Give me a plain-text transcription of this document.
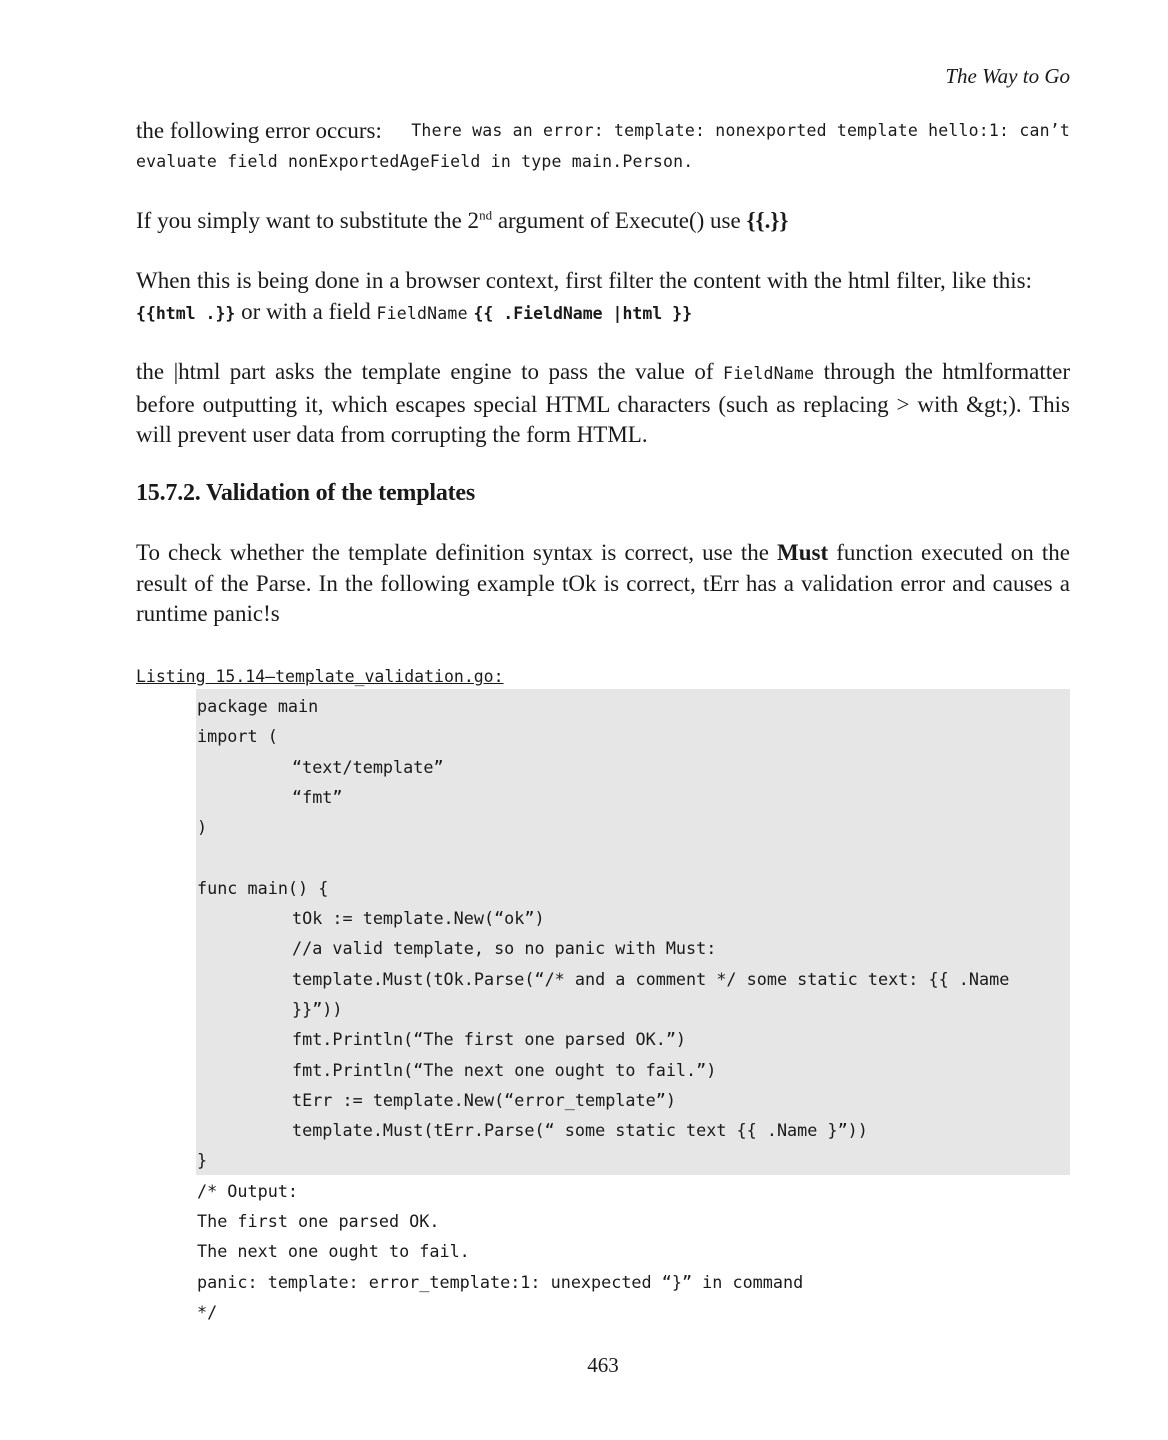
The Way to Go
the following error occurs: There was an error: template: nonexported template hello:1: can’t
evaluate field nonExportedAgeField in type main.Person.
If you simply want to substitute the 2nd argument of Execute() use {{.}}
When this is being done in a browser context, first filter the content with the html filter, like this:{{html .}} or with a field FieldName {{ .FieldName |html }}
the |html part asks the template engine to pass the value of FieldName through the htmlformatter before outputting it, which escapes special HTML characters (such as replacing > with &gt;). This will prevent user data from corrupting the form HTML.
15.7.2. Validation of the templates
To check whether the template definition syntax is correct, use the Must function executed on the result of the Parse. In the following example tOk is correct, tErr has a validation error and causes a runtime panic!s
Listing 15.14—template_validation.go:
package main
import (
“text/template”
“fmt”
)

func main() {
tOk := template.New(“ok”)
//a valid template, so no panic with Must:
template.Must(tOk.Parse(“/* and a comment */ some static text: {{ .Name
}}”))
fmt.Println(“The first one parsed OK.”)
fmt.Println(“The next one ought to fail.”)
tErr := template.New(“error_template”)
template.Must(tErr.Parse(“ some static text {{ .Name }”))
}
/* Output:
The first one parsed OK.
The next one ought to fail.
panic: template: error_template:1: unexpected “}” in command
*/
463
